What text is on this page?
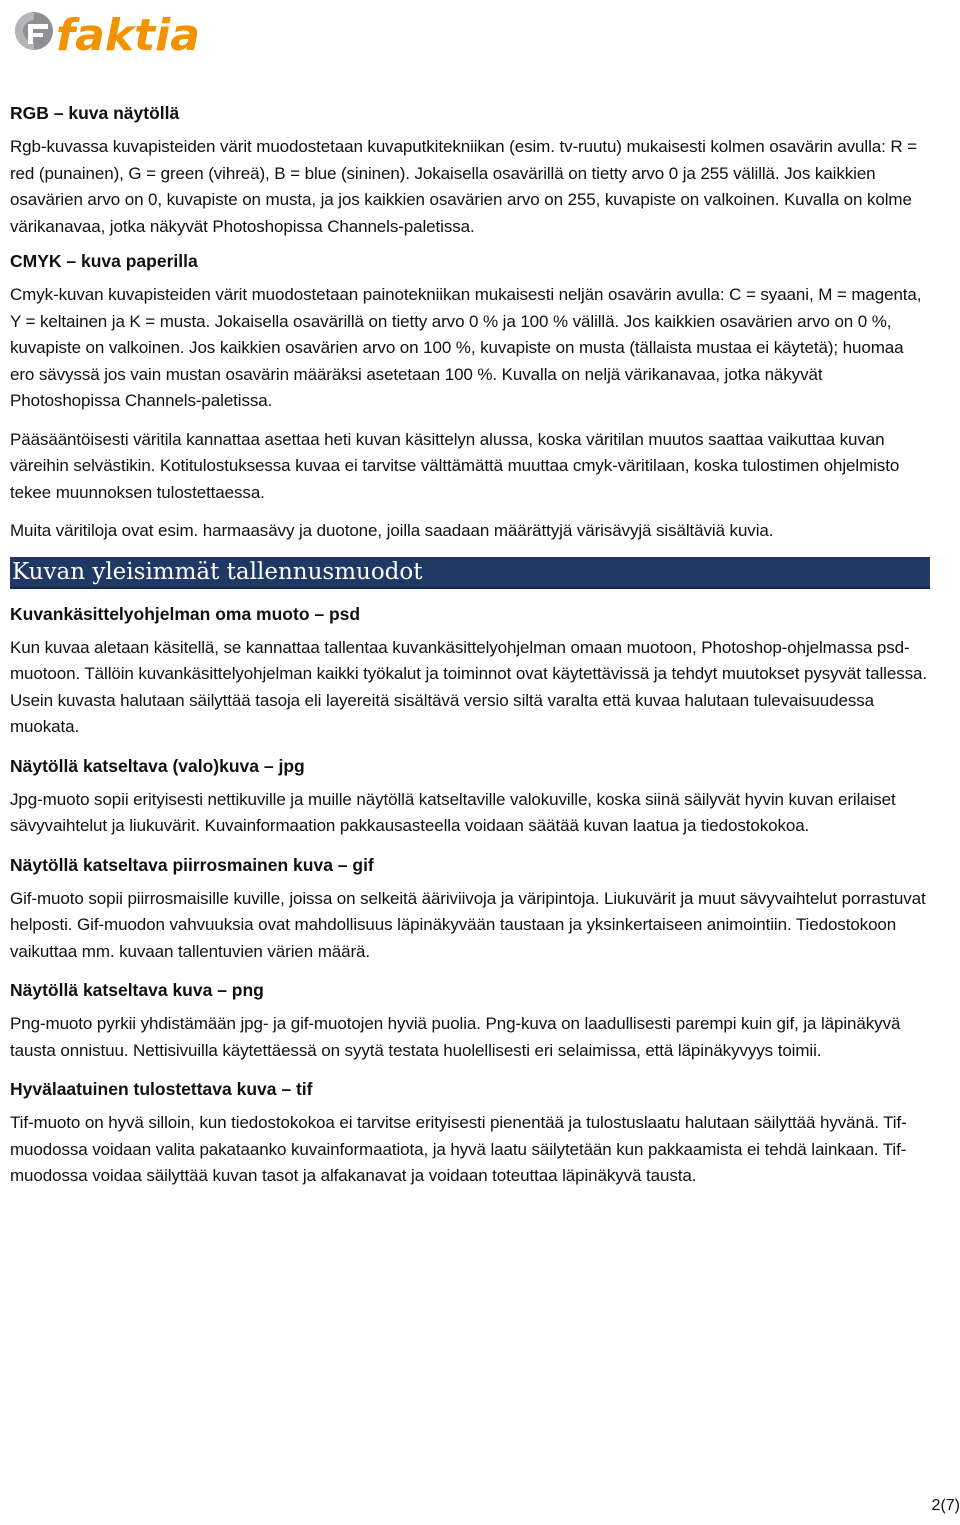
faktia
RGB – kuva näytöllä

Rgb-kuvassa kuvapisteiden värit muodostetaan kuvaputkitekniikan (esim. tv-ruutu) mukaisesti kolmen osavärin avulla: R = red (punainen), G = green (vihreä), B = blue (sininen). Jokaisella osavärillä on tietty arvo 0 ja 255 välillä. Jos kaikkien osavärien arvo on 0, kuvapiste on musta, ja jos kaikkien osavärien arvo on 255, kuvapiste on valkoinen. Kuvalla on kolme värikanavaa, jotka näkyvät Photoshopissa Channels-paletissa.

CMYK – kuva paperilla

Cmyk-kuvan kuvapisteiden värit muodostetaan painotekniikan mukaisesti neljän osavärin avulla: C = syaani, M = magenta, Y = keltainen ja K = musta. Jokaisella osavärillä on tietty arvo 0 % ja 100 % välillä. Jos kaikkien osavärien arvo on 0 %, kuvapiste on valkoinen. Jos kaikkien osavärien arvo on 100 %, kuvapiste on musta (tällaista mustaa ei käytetä); huomaa ero sävyssä jos vain mustan osavärin määräksi asetetaan 100 %. Kuvalla on neljä värikanavaa, jotka näkyvät Photoshopissa Channels-paletissa.

Pääsääntöisesti väritila kannattaa asettaa heti kuvan käsittelyn alussa, koska väritilan muutos saattaa vaikuttaa kuvan väreihin selvästikin. Kotitulostuksessa kuvaa ei tarvitse välttämättä muuttaa cmyk-väritilaan, koska tulostimen ohjelmisto tekee muunnoksen tulostettaessa.

Muita väritiloja ovat esim. harmaasävy ja duotone, joilla saadaan määrättyjä värisävyjä sisältäviä kuvia.

Kuvan yleisimmät tallennusmuodot
Kuvankäsittelyohjelman oma muoto – psd

Kun kuvaa aletaan käsitellä, se kannattaa tallentaa kuvankäsittelyohjelman omaan muotoon, Photoshop-ohjelmassa psd-muotoon. Tällöin kuvankäsittelyohjelman kaikki työkalut ja toiminnot ovat käytettävissä ja tehdyt muutokset pysyvät tallessa. Usein kuvasta halutaan säilyttää tasoja eli layereitä sisältävä versio siltä varalta että kuvaa halutaan tulevaisuudessa muokata.

Näytöllä katseltava (valo)kuva – jpg

Jpg-muoto sopii erityisesti nettikuville ja muille näytöllä katseltaville valokuville, koska siinä säilyvät hyvin kuvan erilaiset sävyvaihtelut ja liukuvärit. Kuvainformaation pakkausasteella voidaan säätää kuvan laatua ja tiedostokokoa.

Näytöllä katseltava piirrosmainen kuva – gif

Gif-muoto sopii piirrosmaisille kuville, joissa on selkeitä ääriviivoja ja väripintoja. Liukuvärit ja muut sävyvaihtelut porrastuvat helposti. Gif-muodon vahvuuksia ovat mahdollisuus läpinäkyvään taustaan ja yksinkertaiseen animointiin. Tiedostokoon vaikuttaa mm. kuvaan tallentuvien värien määrä.

Näytöllä katseltava kuva – png

Png-muoto pyrkii yhdistämään jpg- ja gif-muotojen hyviä puolia. Png-kuva on laadullisesti parempi kuin gif, ja läpinäkyvä tausta onnistuu. Nettisivuilla käytettäessä on syytä testata huolellisesti eri selaimissa, että läpinäkyvyys toimii.

Hyvälaatuinen tulostettava kuva – tif

Tif-muoto on hyvä silloin, kun tiedostokokoa ei tarvitse erityisesti pienentää ja tulostuslaatu halutaan säilyttää hyvänä. Tif-muodossa voidaan valita pakataanko kuvainformaatiota, ja hyvä laatu säilytetään kun pakkaamista ei tehdä lainkaan. Tif-muodossa voidaa säilyttää kuvan tasot ja alfakanavat ja voidaan toteuttaa läpinäkyvä tausta.

2(7)
